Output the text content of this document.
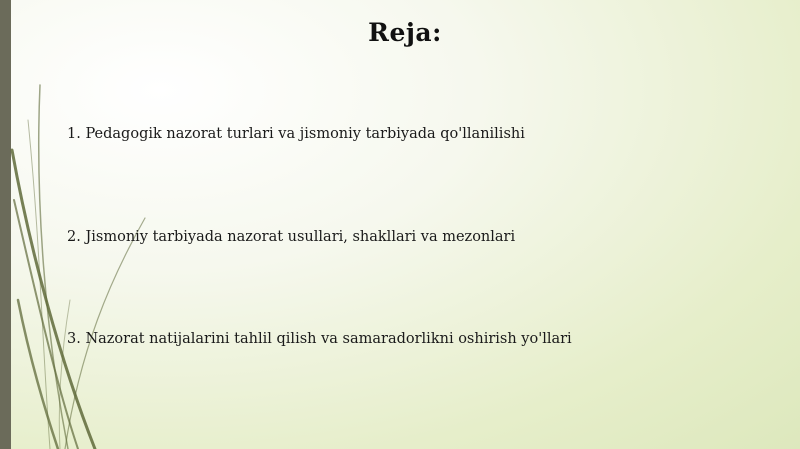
Reja:
1. Pedagogik nazorat turlari va jismoniy tarbiyada qo'llanilishi
2. Jismoniy tarbiyada nazorat usullari, shakllari va mezonlari
3. Nazorat natijalarini tahlil qilish va samaradorlikni oshirish yo'llari
